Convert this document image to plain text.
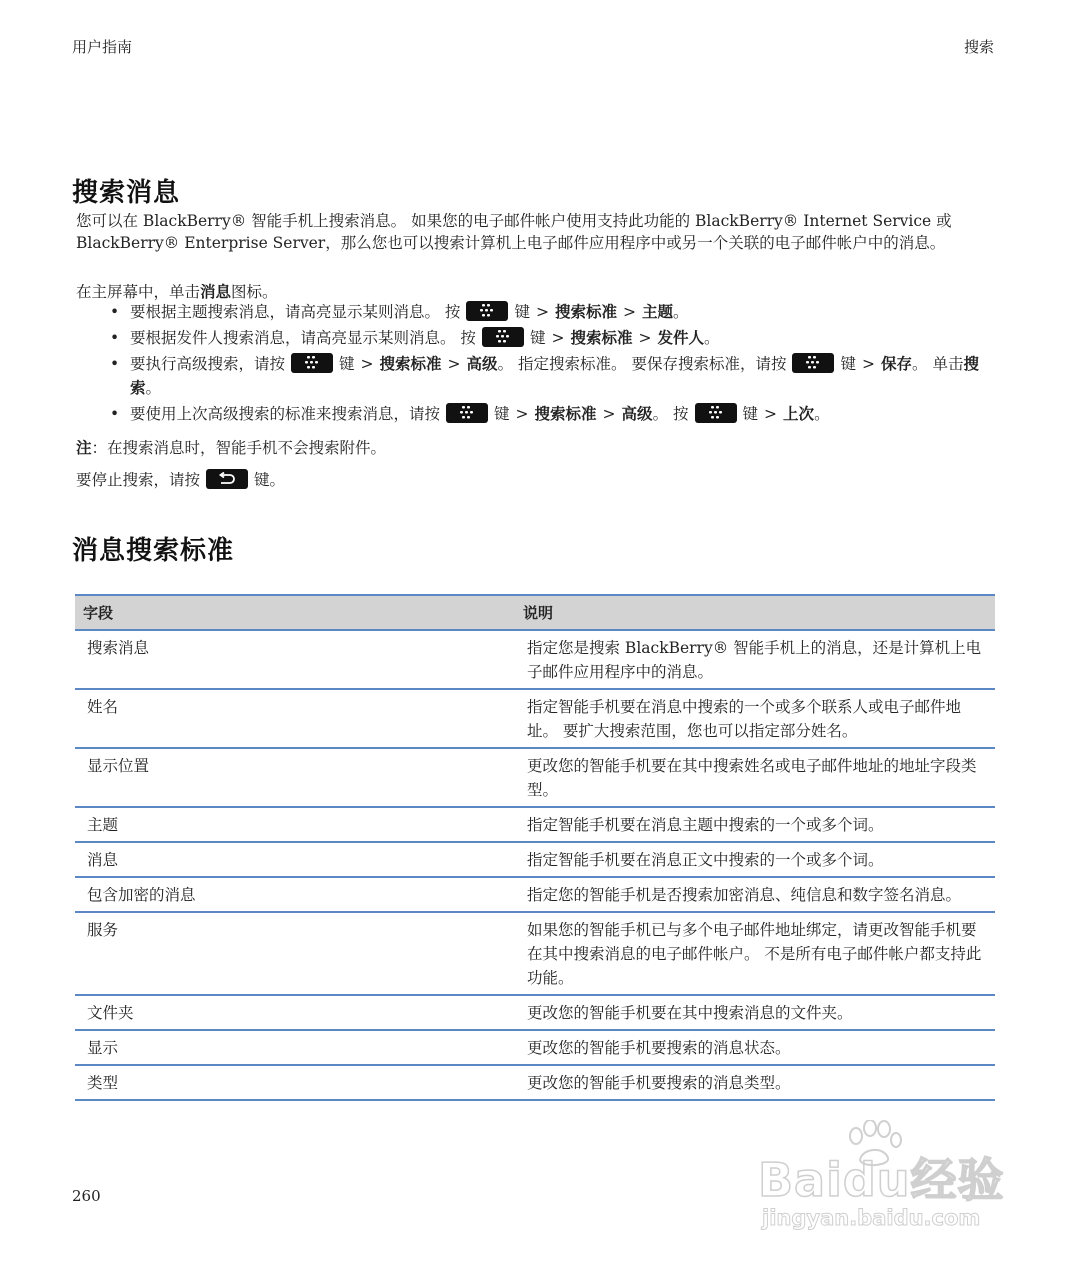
用户指南	搜索
搜索消息
您可以在 BlackBerry® 智能手机上搜索消息。 如果您的电子邮件帐户使用支持此功能的 BlackBerry® Internet Service 或 BlackBerry® Enterprise Server，那么您也可以搜索计算机上电子邮件应用程序中或另一个关联的电子邮件帐户中的消息。
在主屏幕中，单击消息图标。
• 要根据主题搜索消息，请高亮显示某则消息。 按	键 > 搜索标准 > 主题。
• 要根据发件人搜索消息，请高亮显示某则消息。 按	键 > 搜索标准 > 发件人。
• 要执行高级搜索，请按	键 > 搜索标准 > 高级。 指定搜索标准。 要保存搜索标准，请按	键 > 保存。 单击搜索。
• 要使用上次高级搜索的标准来搜索消息，请按	键 > 搜索标准 > 高级。 按	键 > 上次。
注：在搜索消息时，智能手机不会搜索附件。
要停止搜索，请按	键。
消息搜索标准
字段	说明
搜索消息	指定您是搜索 BlackBerry® 智能手机上的消息，还是计算机上电子邮件应用程序中的消息。
姓名	指定智能手机要在消息中搜索的一个或多个联系人或电子邮件地址。 要扩大搜索范围，您也可以指定部分姓名。
显示位置	更改您的智能手机要在其中搜索姓名或电子邮件地址的地址字段类型。
主题	指定智能手机要在消息主题中搜索的一个或多个词。
消息	指定智能手机要在消息正文中搜索的一个或多个词。
包含加密的消息	指定您的智能手机是否搜索加密消息、纯信息和数字签名消息。
服务	如果您的智能手机已与多个电子邮件地址绑定，请更改智能手机要在其中搜索消息的电子邮件帐户。 不是所有电子邮件帐户都支持此功能。
文件夹	更改您的智能手机要在其中搜索消息的文件夹。
显示	更改您的智能手机要搜索的消息状态。
类型	更改您的智能手机要搜索的消息类型。
260	Baidu经验
jingyan.baidu.com
